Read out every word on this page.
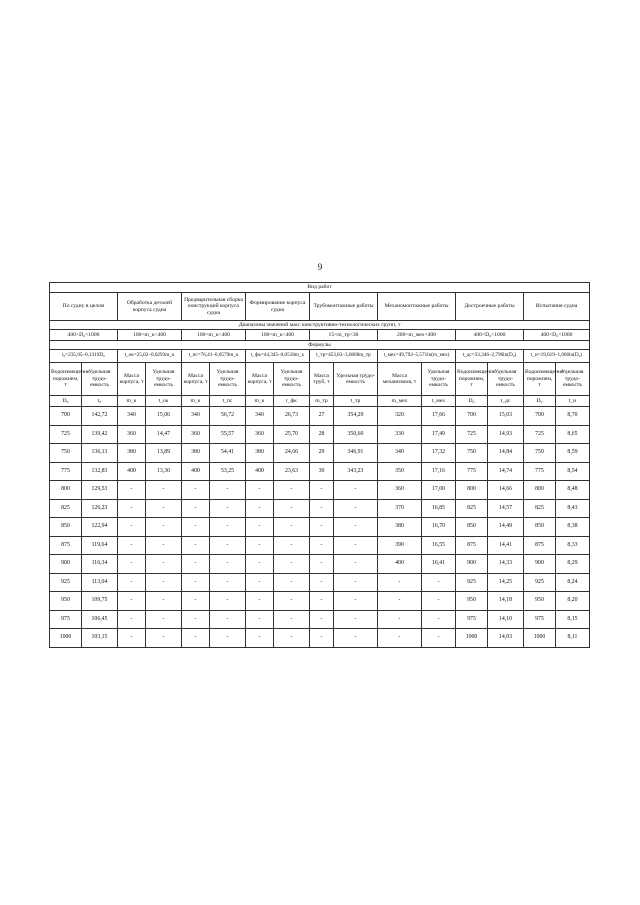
9
Вид работ															
По судну в целом		Обработка деталей корпуса судна		Предварительная сборка конструкций корпуса судна		Формирование корпуса судна		Трубомонтажные работы		Механомонтажные работы		Достроечные работы		Испытания судна	
Диапазоны значений масс конструктивно-технологических групп, т															
400<D₀<1000		100<m_к<400		100<m_к<400		100<m_к<400		15<m_тр<30		200<m_мех<400		400<D₀<1000		400<D₀<1000	
Формулы															
t₀=235,05–0,1319D₀		t_ок=25,02–0,0293m_к		t_пс=76,41–0,0579m_к		t_фк=44,345–0,0518m_к		t_тр=453,83–3,6868m_тр		t_мех=49,792–5,571ln(m_мех)		t_дс=33,346–2,796ln(D₀)		t_и=19,619–1,666ln(D₀)	
Водоизмещение порожнем, т	Удельная трудо-емкость	Масса корпуса, т	Удельная трудо-емкость	Масса корпуса, т	Удельная трудо-емкость	Масса корпуса, т	Удельная трудо-емкость	Масса труб, т	Удельная трудо-емкость	Масса механизмов, т	Удельная трудо-емкость	Водоизмещение порожнем, т	Удельная трудо-емкость	Водоизмещение порожнем, т	Удельная трудо-емкость
D₀	t₀	m_к	t_ок	m_к	t_пс	m_к	t_фк	m_тр	t_тр	m_мех	t_мех	D₀	t_дс	D₀	t_и
700	142,72	340	15,06	340	56,72	340	26,73	27	354,29	320	17,66	700	15,03	700	8,70
725	139,42	360	14,47	360	55,57	360	25,70	28	350,60	330	17,49	725	14,93	725	8,65
750	136,13	380	13,89	380	54,41	380	24,66	29	346,91	340	17,32	750	14,84	750	8,59
775	132,83	400	13,30	400	53,25	400	23,63	30	343,23	350	17,16	775	14,74	775	8,54
800	129,53	-	-	-	-	-	-	-	-	360	17,00	800	14,66	800	8,48
825	126,23	-	-	-	-	-	-	-	-	370	16,85	825	14,57	825	8,43
850	122,94	-	-	-	-	-	-	-	-	380	16,70	850	14,49	850	8,38
875	119,64	-	-	-	-	-	-	-	-	390	16,55	875	14,41	875	8,33
900	116,34	-	-	-	-	-	-	-	-	400	16,41	900	14,33	900	8,29
925	113,04	-	-	-	-	-	-	-	-	-	-	925	14,25	925	8,24
950	109,75	-	-	-	-	-	-	-	-	-	-	950	14,18	950	8,20
975	106,45	-	-	-	-	-	-	-	-	-	-	975	14,10	975	8,15
1000	103,15	-	-	-	-	-	-	-	-	-	-	1000	14,03	1000	8,11
